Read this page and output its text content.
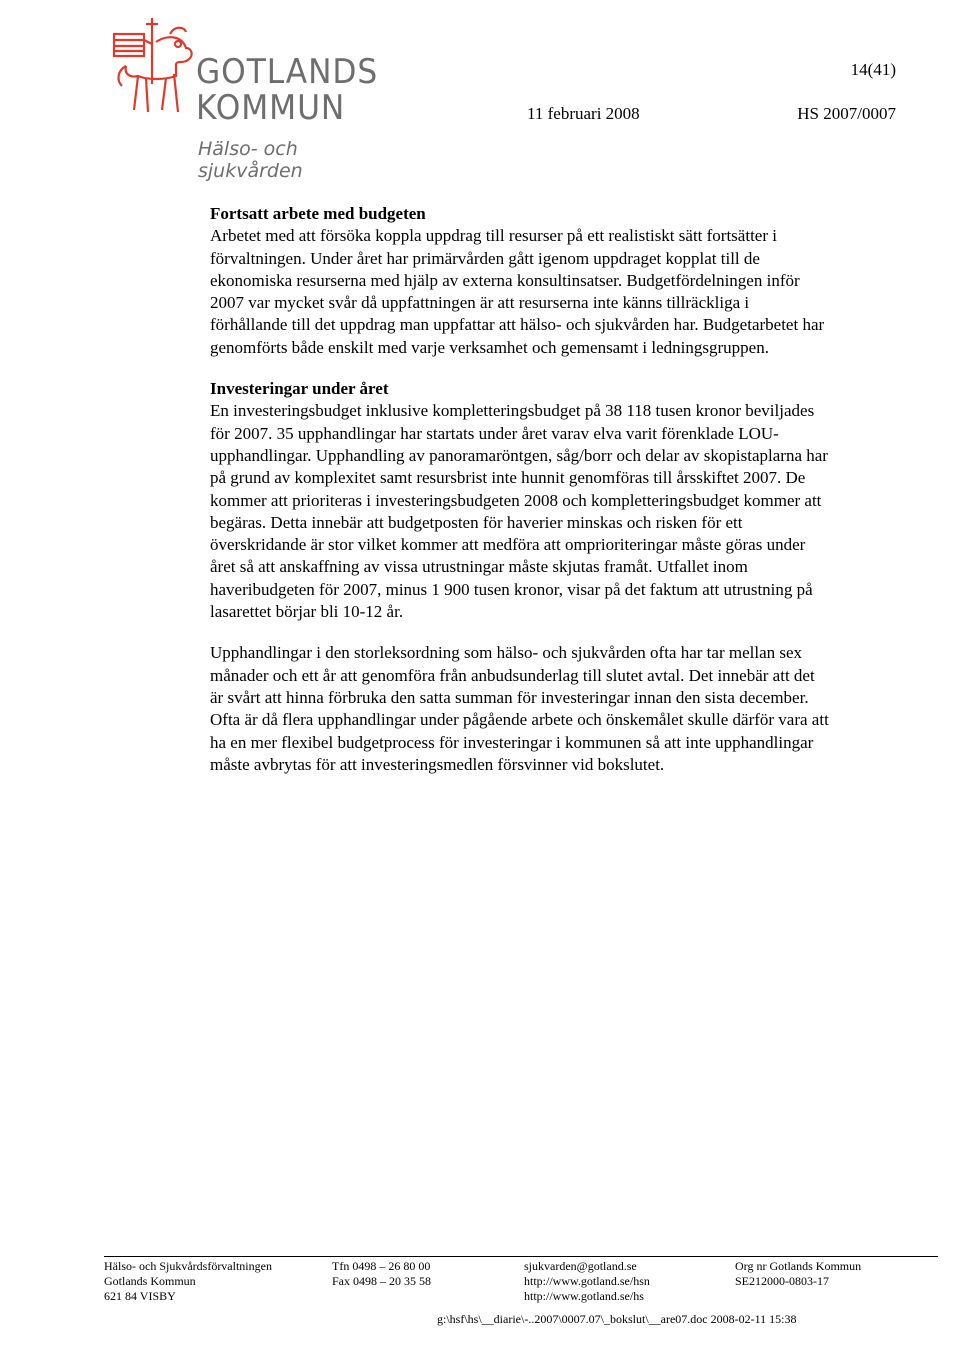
GOTLANDS
KOMMUN
Hälso- och sjukvården
14(41)
11 februari 2008	HS 2007/0007
Fortsatt arbete med budgeten

Arbetet med att försöka koppla uppdrag till resurser på ett realistiskt sätt fortsätter i förvaltningen. Under året har primärvården gått igenom uppdraget kopplat till de ekonomiska resurserna med hjälp av externa konsultinsatser. Budgetfördelningen inför 2007 var mycket svår då uppfattningen är att resurserna inte känns tillräckliga i förhållande till det uppdrag man uppfattar att hälso- och sjukvården har. Budgetarbetet har genomförts både enskilt med varje verksamhet och gemensamt i ledningsgruppen.

Investeringar under året

En investeringsbudget inklusive kompletteringsbudget på 38 118 tusen kronor beviljades för 2007. 35 upphandlingar har startats under året varav elva varit förenklade LOU-upphandlingar. Upphandling av panoramaröntgen, såg/borr och delar av skopistaplarna har på grund av komplexitet samt resursbrist inte hunnit genomföras till årsskiftet 2007. De kommer att prioriteras i investeringsbudgeten 2008 och kompletteringsbudget kommer att begäras. Detta innebär att budgetposten för haverier minskas och risken för ett överskridande är stor vilket kommer att medföra att omprioriteringar måste göras under året så att anskaffning av vissa utrustningar måste skjutas framåt. Utfallet inom haveribudgeten för 2007, minus 1 900 tusen kronor, visar på det faktum att utrustning på lasarettet börjar bli 10-12 år.

Upphandlingar i den storleksordning som hälso- och sjukvården ofta har tar mellan sex månader och ett år att genomföra från anbudsunderlag till slutet avtal. Det innebär att det är svårt att hinna förbruka den satta summan för investeringar innan den sista december. Ofta är då flera upphandlingar under pågående arbete och önskemålet skulle därför vara att ha en mer flexibel budgetprocess för investeringar i kommunen så att inte upphandlingar måste avbrytas för att investeringsmedlen försvinner vid bokslutet.

Hälso- och Sjukvårdsförvaltningen
Gotlands Kommun
621 84 VISBY
Tfn 0498 – 26 80 00
Fax 0498 – 20 35 58
sjukvarden@gotland.se
http://www.gotland.se/hsn
http://www.gotland.se/hs
Org nr Gotlands Kommun
SE212000-0803-17
g:\hsf\hs\__diarie\-..2007\0007.07\_bokslut\__are07.doc 2008-02-11 15:38
